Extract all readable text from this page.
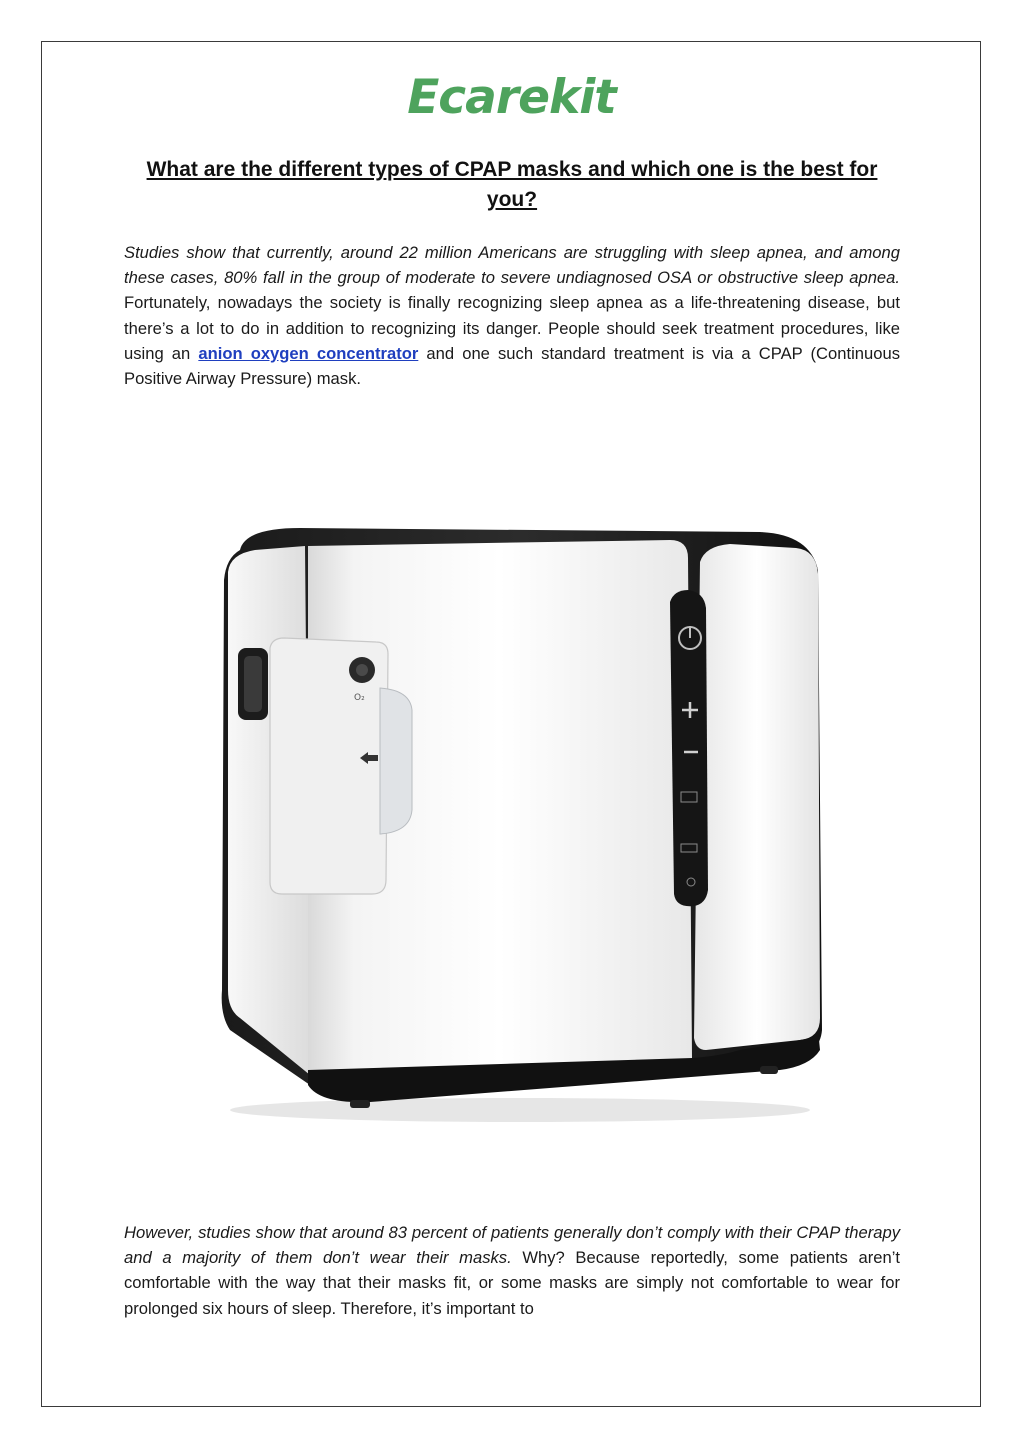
Ecarekit
What are the different types of CPAP masks and which one is the best for you?

Studies show that currently, around 22 million Americans are struggling with sleep apnea, and among these cases, 80% fall in the group of moderate to severe undiagnosed OSA or obstructive sleep apnea. Fortunately, nowadays the society is finally recognizing sleep apnea as a life-threatening disease, but there’s a lot to do in addition to recognizing its danger. People should seek treatment procedures, like using an anion oxygen concentrator and one such standard treatment is via a CPAP (Continuous Positive Airway Pressure) mask.

O₂

However, studies show that around 83 percent of patients generally don’t comply with their CPAP therapy and a majority of them don’t wear their masks. Why? Because reportedly, some patients aren’t comfortable with the way that their masks fit, or some masks are simply not comfortable to wear for prolonged six hours of sleep. Therefore, it’s important to
